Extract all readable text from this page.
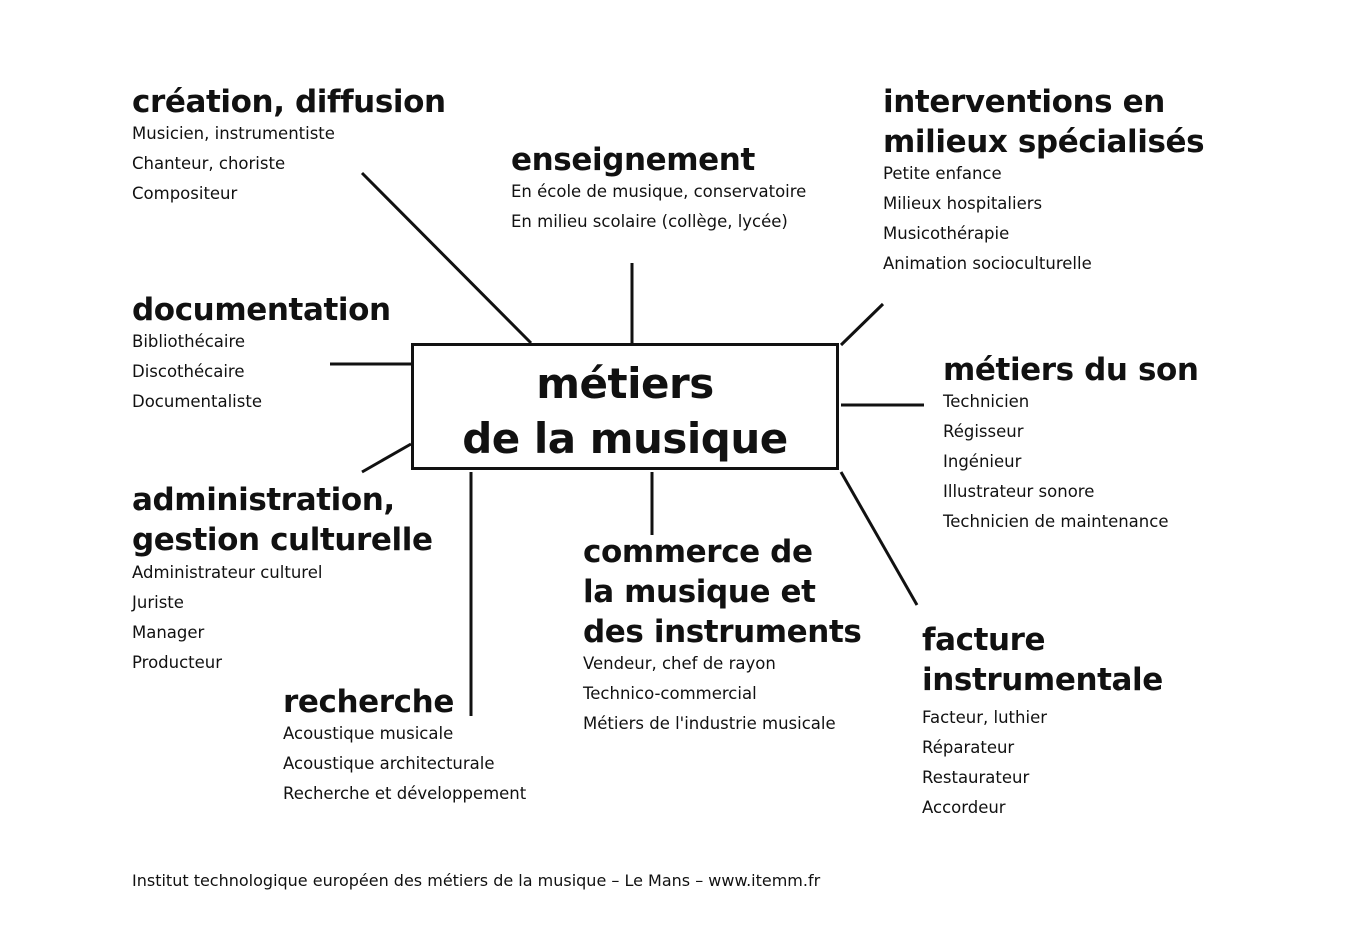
métiers
de la musique

création, diffusion
Musicien, instrumentiste
Chanteur, choriste
Compositeur
enseignement
En école de musique, conservatoire
En milieu scolaire (collège, lycée)
interventions en
milieux spécialisés
Petite enfance
Milieux hospitaliers
Musicothérapie
Animation socioculturelle
documentation
Bibliothécaire
Discothécaire
Documentaliste
métiers du son
Technicien
Régisseur
Ingénieur
Illustrateur sonore
Technicien de maintenance
administration,
gestion culturelle
Administrateur culturel
Juriste
Manager
Producteur
commerce de
la musique et
des instruments
Vendeur, chef de rayon
Technico-commercial
Métiers de l'industrie musicale
facture
instrumentale
Facteur, luthier
Réparateur
Restaurateur
Accordeur
recherche
Acoustique musicale
Acoustique architecturale
Recherche et développement
Institut technologique européen des métiers de la musique – Le Mans – www.itemm.fr
